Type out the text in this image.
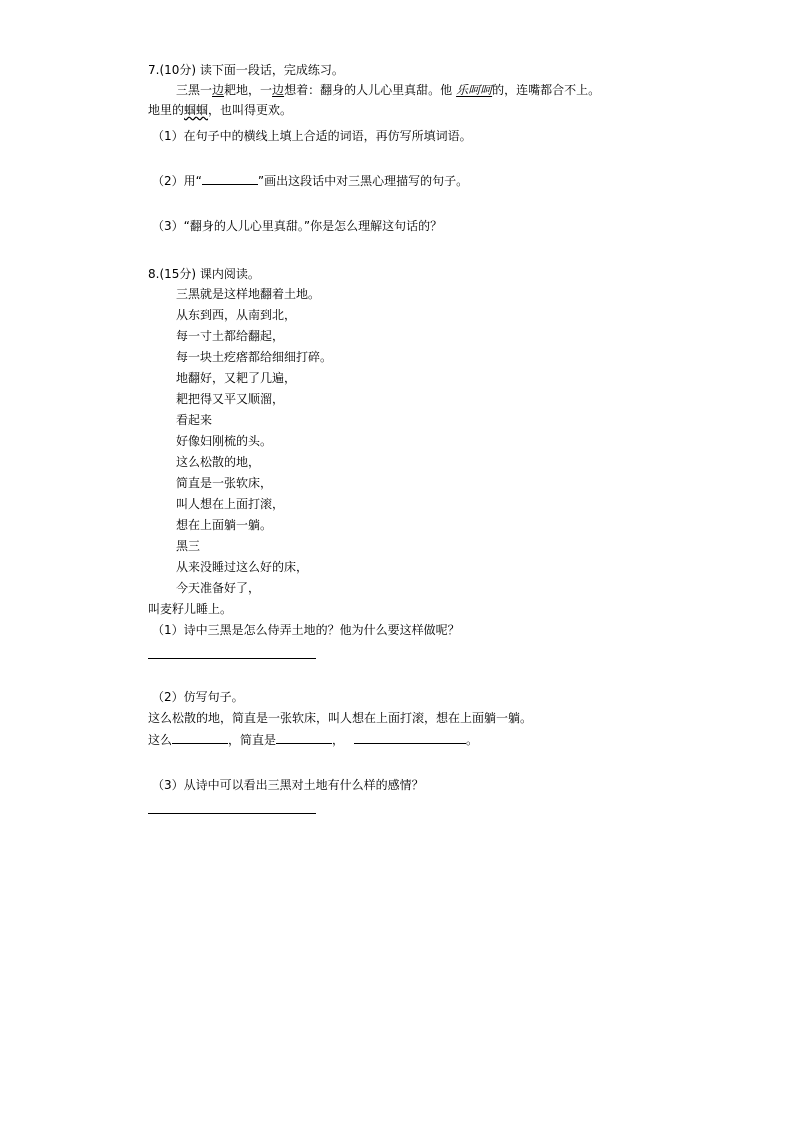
7.(10分) 读下面一段话，完成练习。
三黑一边耙地，一边想着：翻身的人儿心里真甜。他 乐呵呵的，连嘴都合不上。
地里的蝈蝈，也叫得更欢。
（1）在句子中的横线上填上合适的词语，再仿写所填词语。
（2）用“	”画出这段话中对三黑心理描写的句子。
（3）“翻身的人儿心里真甜。”你是怎么理解这句话的？
8.(15分) 课内阅读。
三黑就是这样地翻着土地。
从东到西，从南到北，
每一寸土都给翻起，
每一块土疙瘩都给细细打碎。
地翻好，又耙了几遍，
耙把得又平又顺溜，
看起来
好像妇刚梳的头。
这么松散的地，
简直是一张软床，
叫人想在上面打滚，
想在上面躺一躺。
黑三
从来没睡过这么好的床，
今天准备好了，
叫麦籽儿睡上。
（1）诗中三黑是怎么侍弄土地的？他为什么要这样做呢？
（2）仿写句子。
这么松散的地，简直是一张软床，叫人想在上面打滚，想在上面躺一躺。
这么	，简直是	，	。
（3）从诗中可以看出三黑对土地有什么样的感情？
